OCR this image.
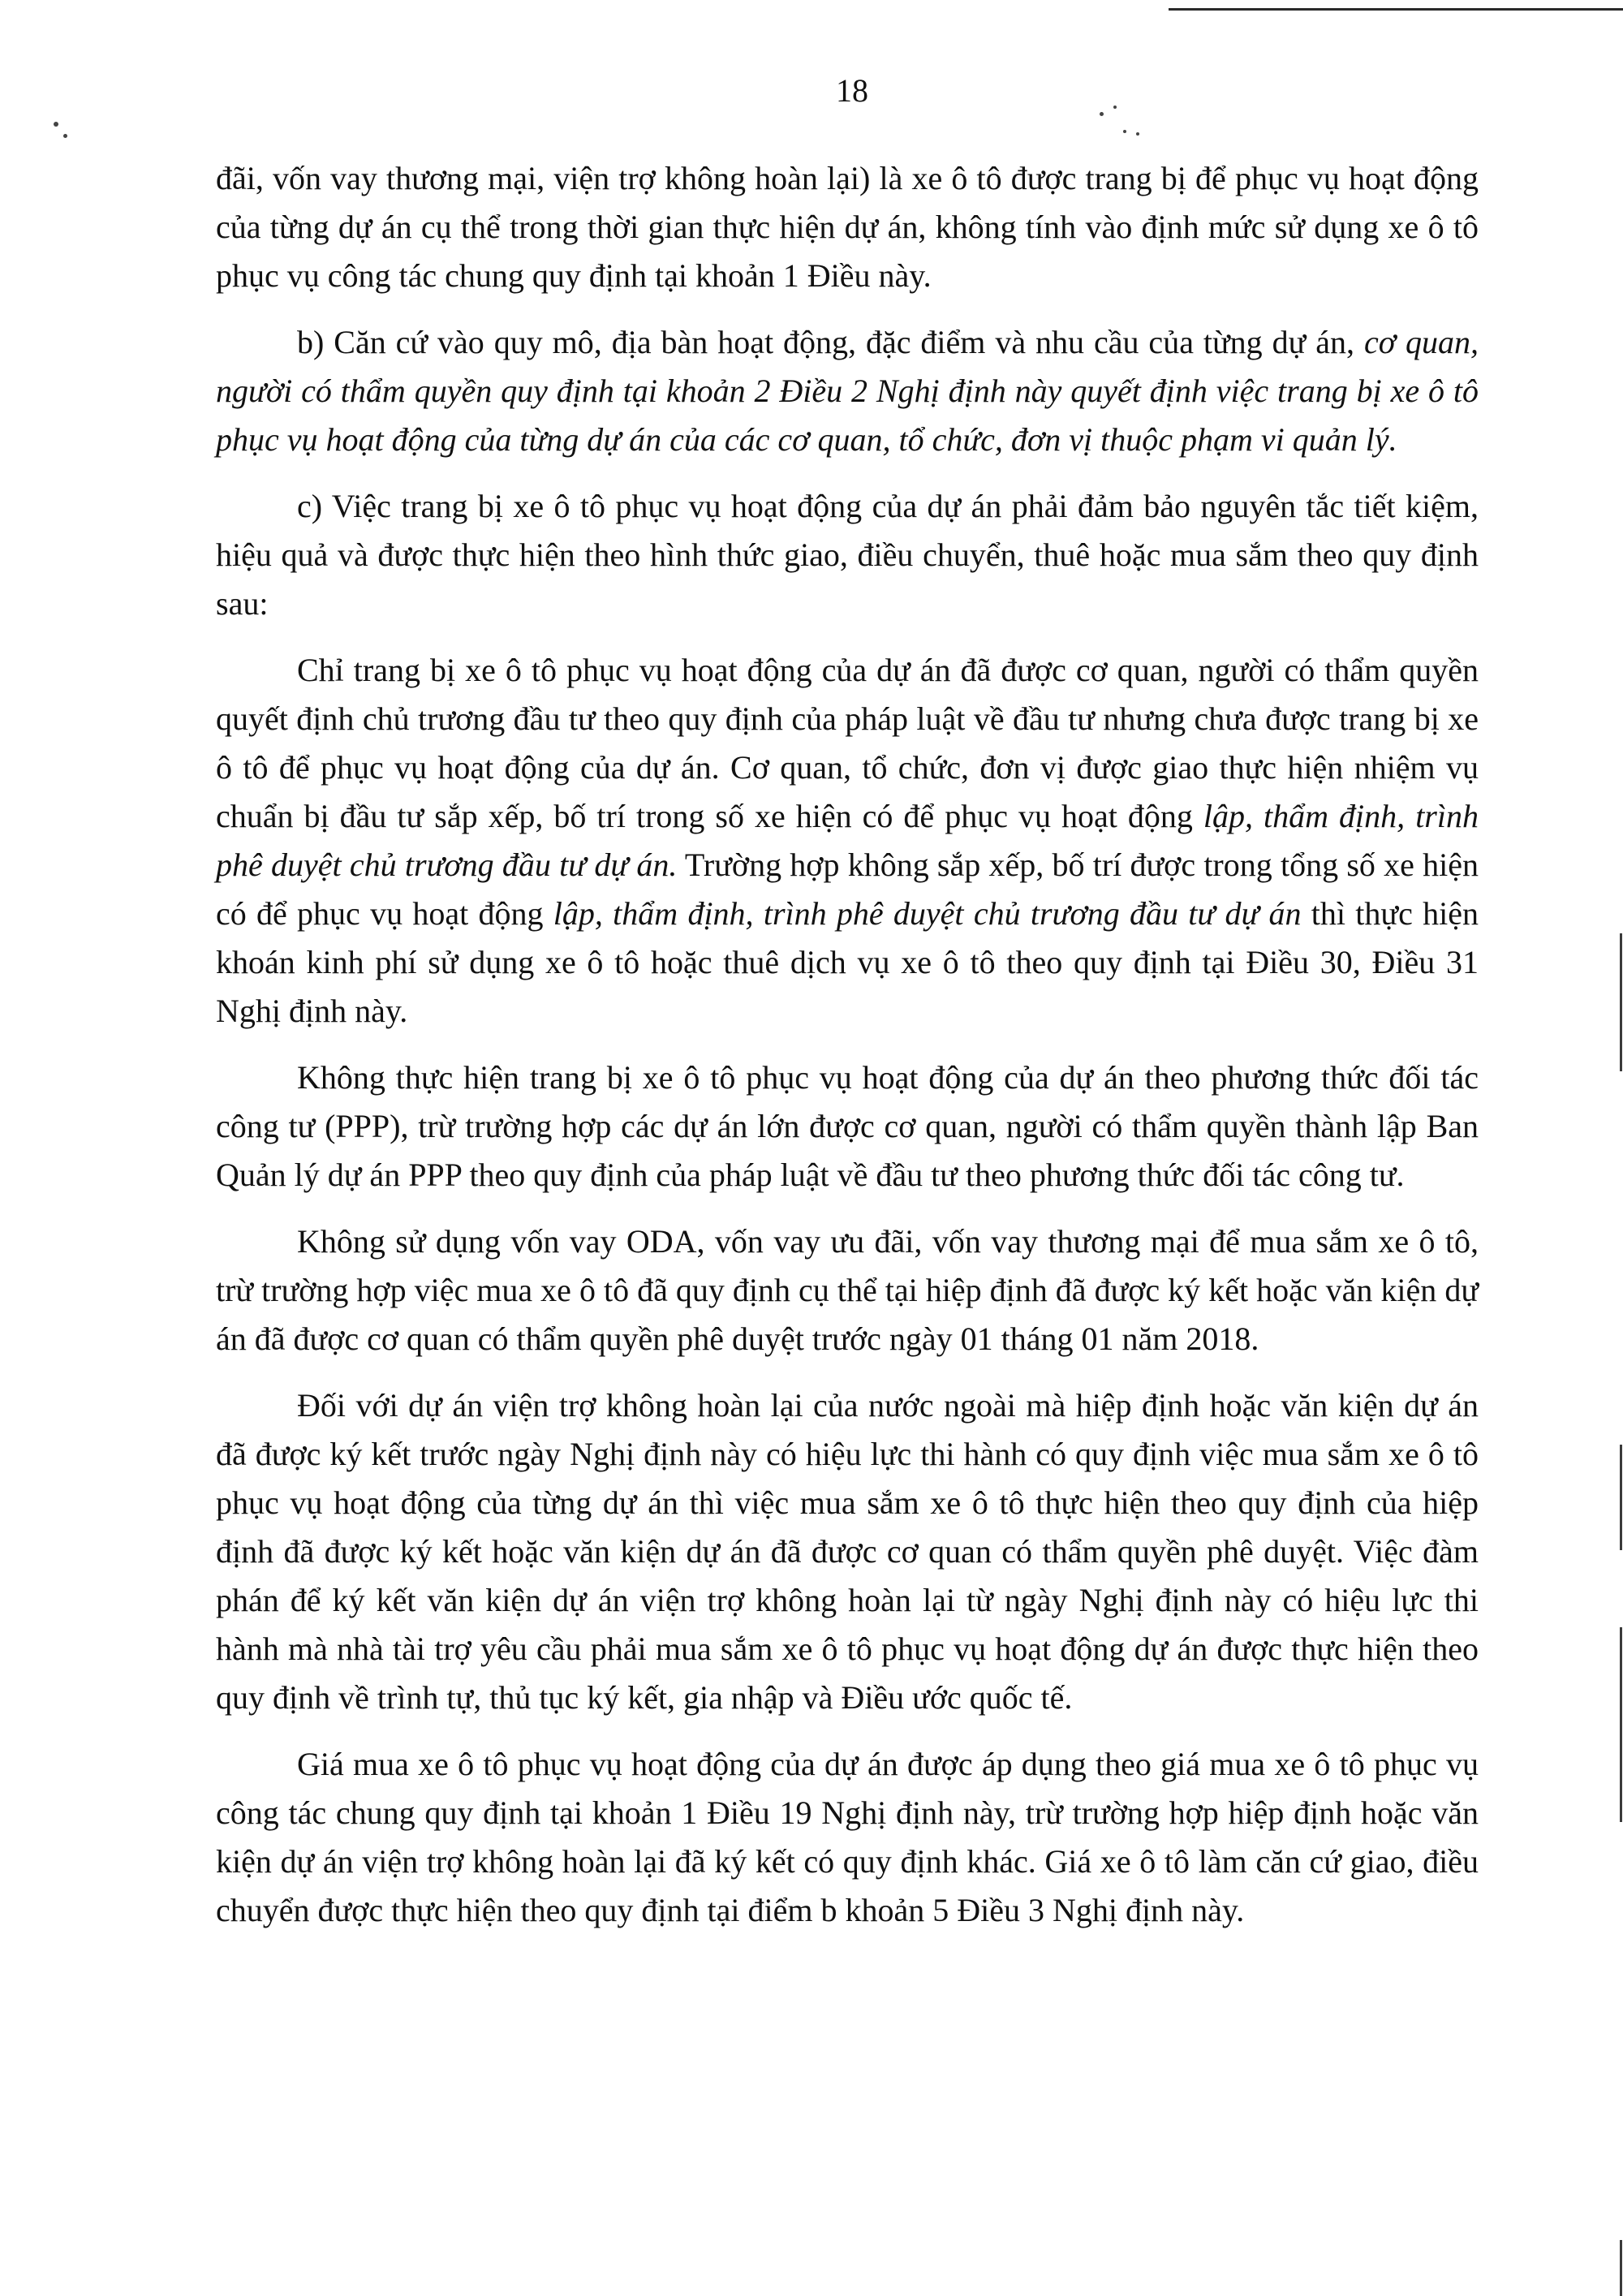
18

đãi, vốn vay thương mại, viện trợ không hoàn lại) là xe ô tô được trang bị để phục vụ hoạt động của từng dự án cụ thể trong thời gian thực hiện dự án, không tính vào định mức sử dụng xe ô tô phục vụ công tác chung quy định tại khoản 1 Điều này.

b) Căn cứ vào quy mô, địa bàn hoạt động, đặc điểm và nhu cầu của từng dự án, cơ quan, người có thẩm quyền quy định tại khoản 2 Điều 2 Nghị định này quyết định việc trang bị xe ô tô phục vụ hoạt động của từng dự án của các cơ quan, tổ chức, đơn vị thuộc phạm vi quản lý.

c) Việc trang bị xe ô tô phục vụ hoạt động của dự án phải đảm bảo nguyên tắc tiết kiệm, hiệu quả và được thực hiện theo hình thức giao, điều chuyển, thuê hoặc mua sắm theo quy định sau:

Chỉ trang bị xe ô tô phục vụ hoạt động của dự án đã được cơ quan, người có thẩm quyền quyết định chủ trương đầu tư theo quy định của pháp luật về đầu tư nhưng chưa được trang bị xe ô tô để phục vụ hoạt động của dự án. Cơ quan, tổ chức, đơn vị được giao thực hiện nhiệm vụ chuẩn bị đầu tư sắp xếp, bố trí trong số xe hiện có để phục vụ hoạt động lập, thẩm định, trình phê duyệt chủ trương đầu tư dự án. Trường hợp không sắp xếp, bố trí được trong tổng số xe hiện có để phục vụ hoạt động lập, thẩm định, trình phê duyệt chủ trương đầu tư dự án thì thực hiện khoán kinh phí sử dụng xe ô tô hoặc thuê dịch vụ xe ô tô theo quy định tại Điều 30, Điều 31 Nghị định này.

Không thực hiện trang bị xe ô tô phục vụ hoạt động của dự án theo phương thức đối tác công tư (PPP), trừ trường hợp các dự án lớn được cơ quan, người có thẩm quyền thành lập Ban Quản lý dự án PPP theo quy định của pháp luật về đầu tư theo phương thức đối tác công tư.

Không sử dụng vốn vay ODA, vốn vay ưu đãi, vốn vay thương mại để mua sắm xe ô tô, trừ trường hợp việc mua xe ô tô đã quy định cụ thể tại hiệp định đã được ký kết hoặc văn kiện dự án đã được cơ quan có thẩm quyền phê duyệt trước ngày 01 tháng 01 năm 2018.

Đối với dự án viện trợ không hoàn lại của nước ngoài mà hiệp định hoặc văn kiện dự án đã được ký kết trước ngày Nghị định này có hiệu lực thi hành có quy định việc mua sắm xe ô tô phục vụ hoạt động của từng dự án thì việc mua sắm xe ô tô thực hiện theo quy định của hiệp định đã được ký kết hoặc văn kiện dự án đã được cơ quan có thẩm quyền phê duyệt. Việc đàm phán để ký kết văn kiện dự án viện trợ không hoàn lại từ ngày Nghị định này có hiệu lực thi hành mà nhà tài trợ yêu cầu phải mua sắm xe ô tô phục vụ hoạt động dự án được thực hiện theo quy định về trình tự, thủ tục ký kết, gia nhập và Điều ước quốc tế.

Giá mua xe ô tô phục vụ hoạt động của dự án được áp dụng theo giá mua xe ô tô phục vụ công tác chung quy định tại khoản 1 Điều 19 Nghị định này, trừ trường hợp hiệp định hoặc văn kiện dự án viện trợ không hoàn lại đã ký kết có quy định khác. Giá xe ô tô làm căn cứ giao, điều chuyển được thực hiện theo quy định tại điểm b khoản 5 Điều 3 Nghị định này.
